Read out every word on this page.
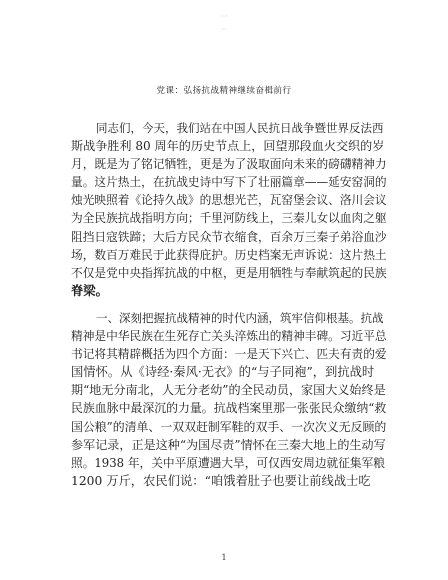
党课：弘扬抗战精神继续奋楫前行
同志们，今天，我们站在中国人民抗日战争暨世界反法西
斯战争胜利 80 周年的历史节点上，回望那段血火交织的岁
月，既是为了铭记牺牲，更是为了汲取面向未来的磅礴精神力
量。这片热土，在抗战史诗中写下了壮丽篇章——延安窑洞的
烛光映照着《论持久战》的思想光芒，瓦窑堡会议、洛川会议
为全民族抗战指明方向；千里河防线上，三秦儿女以血肉之躯
阻挡日寇铁蹄；大后方民众节衣缩食，百余万三秦子弟浴血沙
场，数百万难民于此获得庇护。历史档案无声诉说：这片热土
不仅是党中央指挥抗战的中枢，更是用牺牲与奉献筑起的民族
脊梁。
一、深刻把握抗战精神的时代内涵，筑牢信仰根基。抗战
精神是中华民族在生死存亡关头淬炼出的精神丰碑。习近平总
书记将其精辟概括为四个方面：一是天下兴亡、匹夫有责的爱
国情怀。从《诗经·秦风·无衣》的“与子同袍”，到抗战时
期“地无分南北，人无分老幼”的全民动员，家国大义始终是
民族血脉中最深沉的力量。抗战档案里那一张张民众缴纳“救
国公粮”的清单、一双双赶制军鞋的双手、一次次义无反顾的
参军记录，正是这种“为国尽责”情怀在三秦大地上的生动写
照。1938 年，关中平原遭遇大旱，可仅西安周边就征集军粮
1200 万斤，农民们说：“咱饿着肚子也要让前线战士吃
1
